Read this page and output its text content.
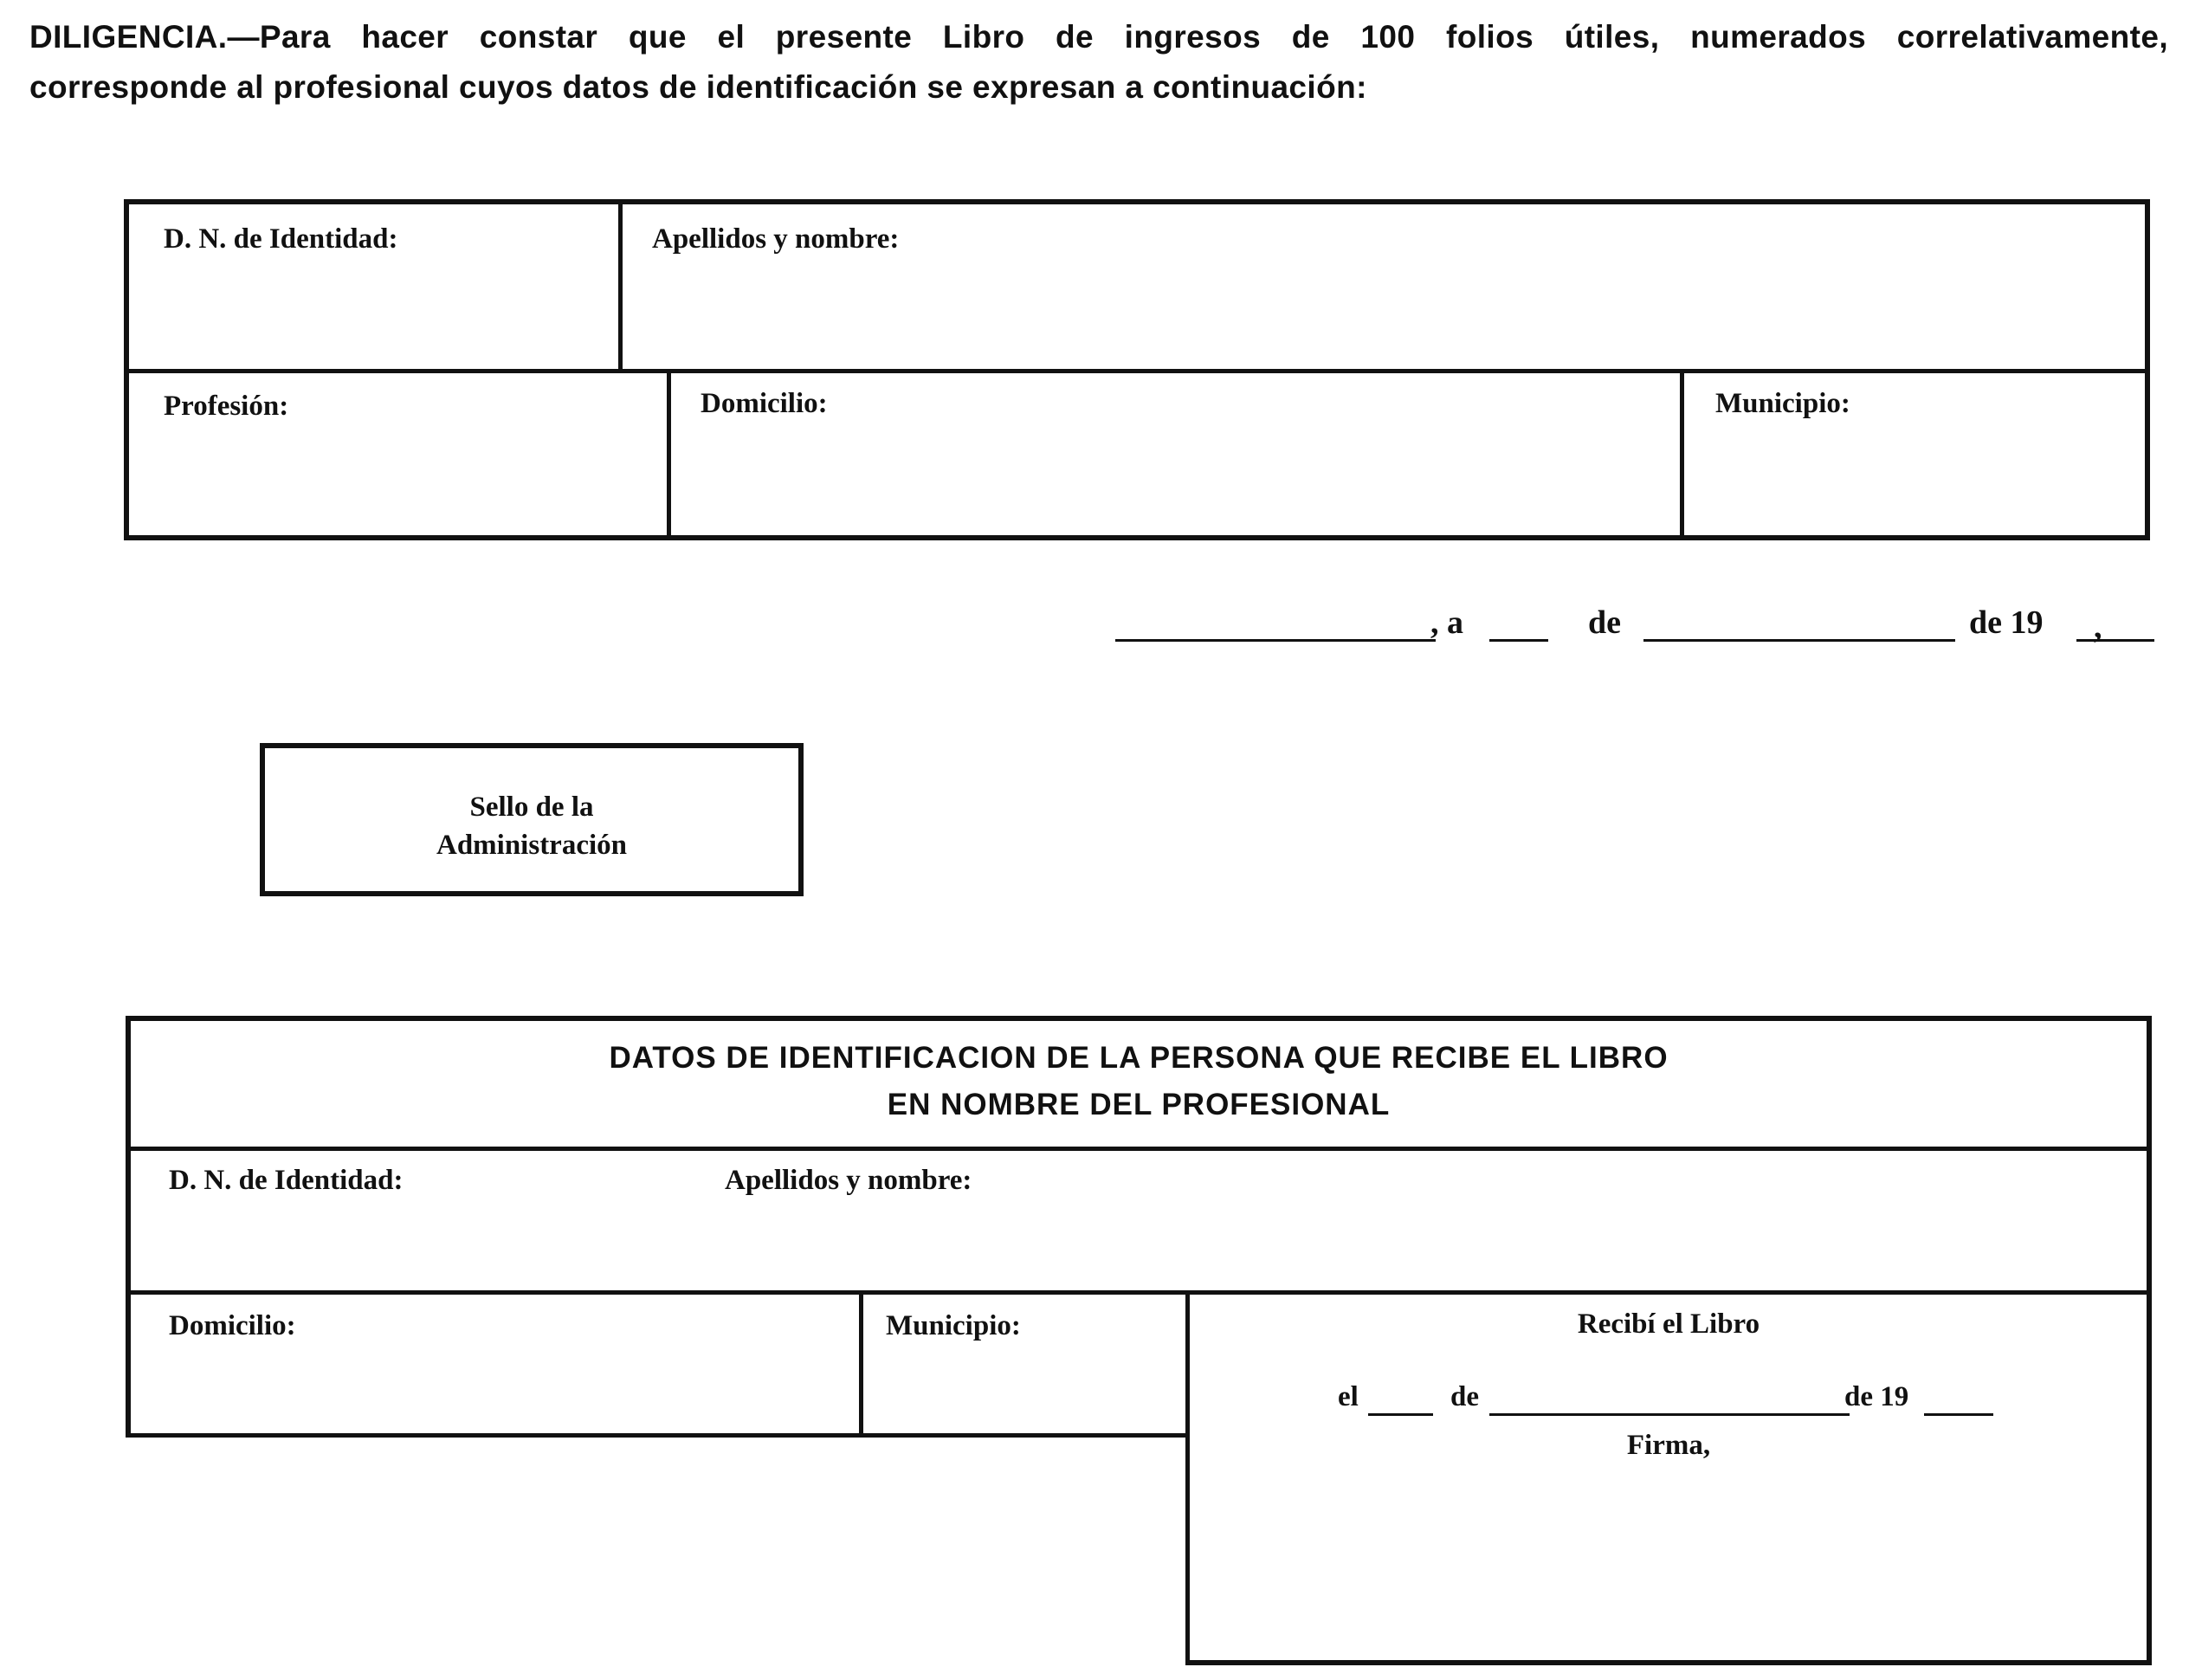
DILIGENCIA.—Para hacer constar que el presente Libro de ingresos de 100 folios útiles, numerados correlativamente,
corresponde al profesional cuyos datos de identificación se expresan a continuación:
D. N. de Identidad:	Apellidos y nombre:
Profesión:	Domicilio:	Municipio:
, a	de	de 19 ,
Sello de la
Administración
DATOS DE IDENTIFICACION DE LA PERSONA QUE RECIBE EL LIBRO
EN NOMBRE DEL PROFESIONAL
D. N. de Identidad:	Apellidos y nombre:
Domicilio:	Municipio:	Recibí el Libro
el	de	de 19
Firma,
